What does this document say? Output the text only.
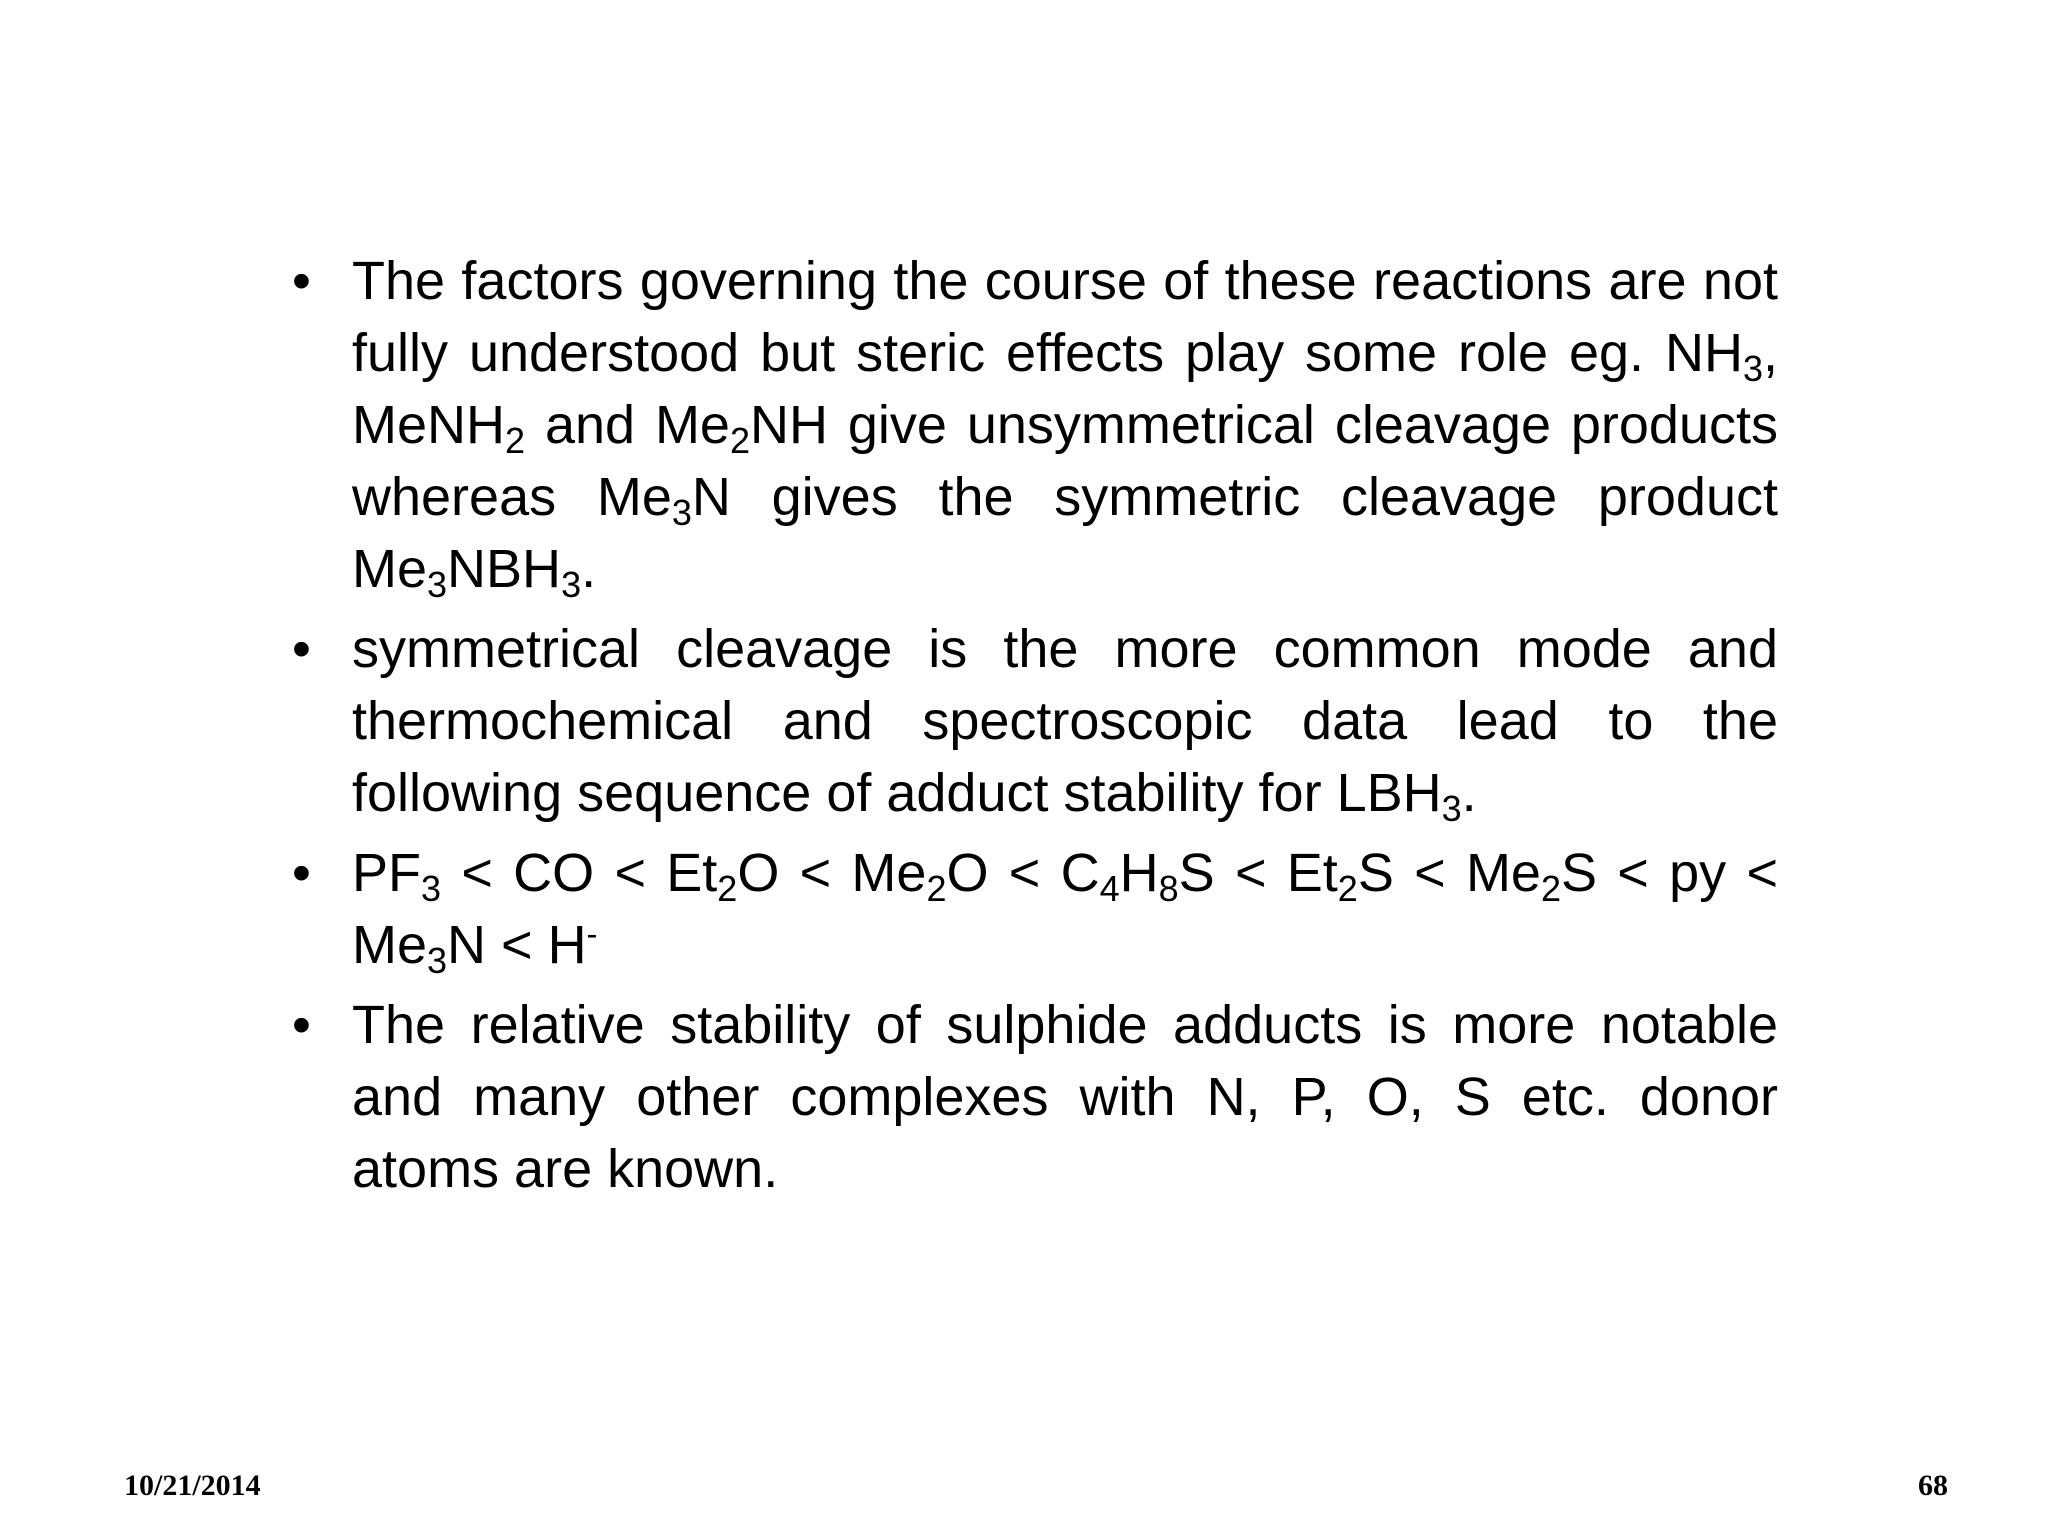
• The factors governing the course of these reactions are not fully understood but steric effects play some role eg. $NH_3$, MeNH$_2$ and $Me_2NH$ give unsymmetrical cleavage products whereas $Me_3N$ gives the symmetric cleavage product $Me_3NBH_3$.
• symmetrical cleavage is the more common mode and thermochemical and spectroscopic data lead to the following sequence of adduct stability for $LBH_3$.
• $PF_3$ < CO < $Et_2O < Me_2O < C_4H_8S < Et_2S < Me_2S$ < py < $Me_3N < H^-$
• The relative stability of sulphide adducts is more notable and many other complexes with N, P, O, S etc. donor atoms are known.
10/21/2014	68
